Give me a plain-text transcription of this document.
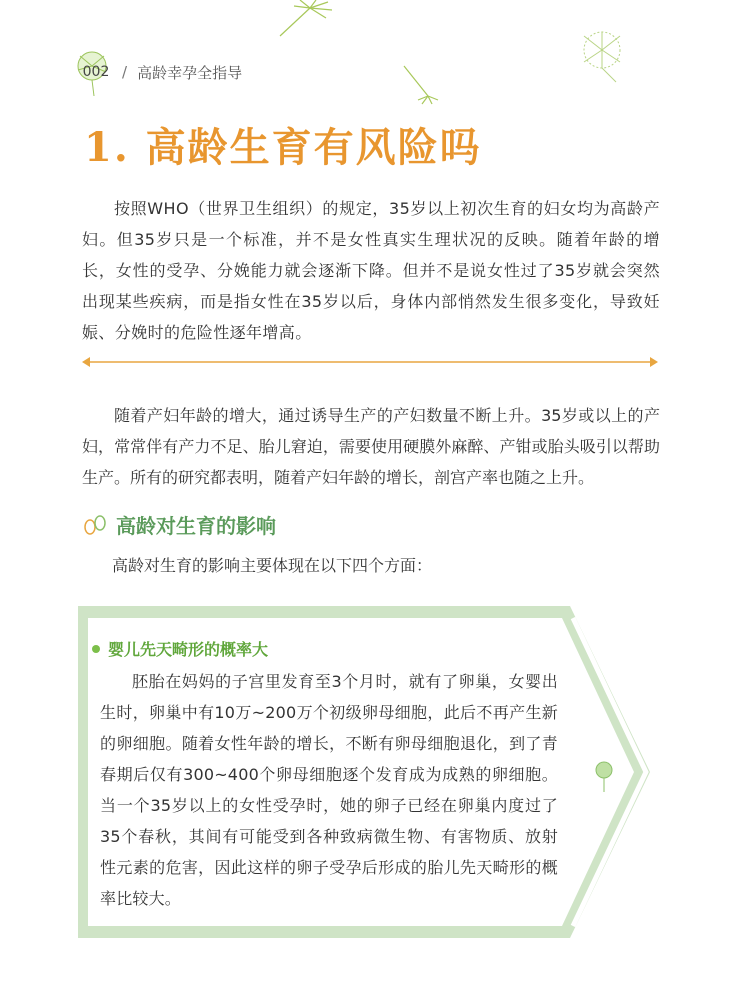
002 / 高龄幸孕全指导
1. 高龄生育有风险吗

按照WHO（世界卫生组织）的规定，35岁以上初次生育的妇女均为高龄产妇。但35岁只是一个标准，并不是女性真实生理状况的反映。随着年龄的增长，女性的受孕、分娩能力就会逐渐下降。但并不是说女性过了35岁就会突然出现某些疾病，而是指女性在35岁以后，身体内部悄然发生很多变化，导致妊娠、分娩时的危险性逐年增高。

随着产妇年龄的增大，通过诱导生产的产妇数量不断上升。35岁或以上的产妇，常常伴有产力不足、胎儿窘迫，需要使用硬膜外麻醉、产钳或胎头吸引以帮助生产。所有的研究都表明，随着产妇年龄的增长，剖宫产率也随之上升。

高龄对生育的影响

高龄对生育的影响主要体现在以下四个方面：

婴儿先天畸形的概率大

胚胎在妈妈的子宫里发育至3个月时，就有了卵巢，女婴出生时，卵巢中有10万~200万个初级卵母细胞，此后不再产生新的卵细胞。随着女性年龄的增长，不断有卵母细胞退化，到了青春期后仅有300~400个卵母细胞逐个发育成为成熟的卵细胞。当一个35岁以上的女性受孕时，她的卵子已经在卵巢内度过了35个春秋，其间有可能受到各种致病微生物、有害物质、放射性元素的危害，因此这样的卵子受孕后形成的胎儿先天畸形的概率比较大。
